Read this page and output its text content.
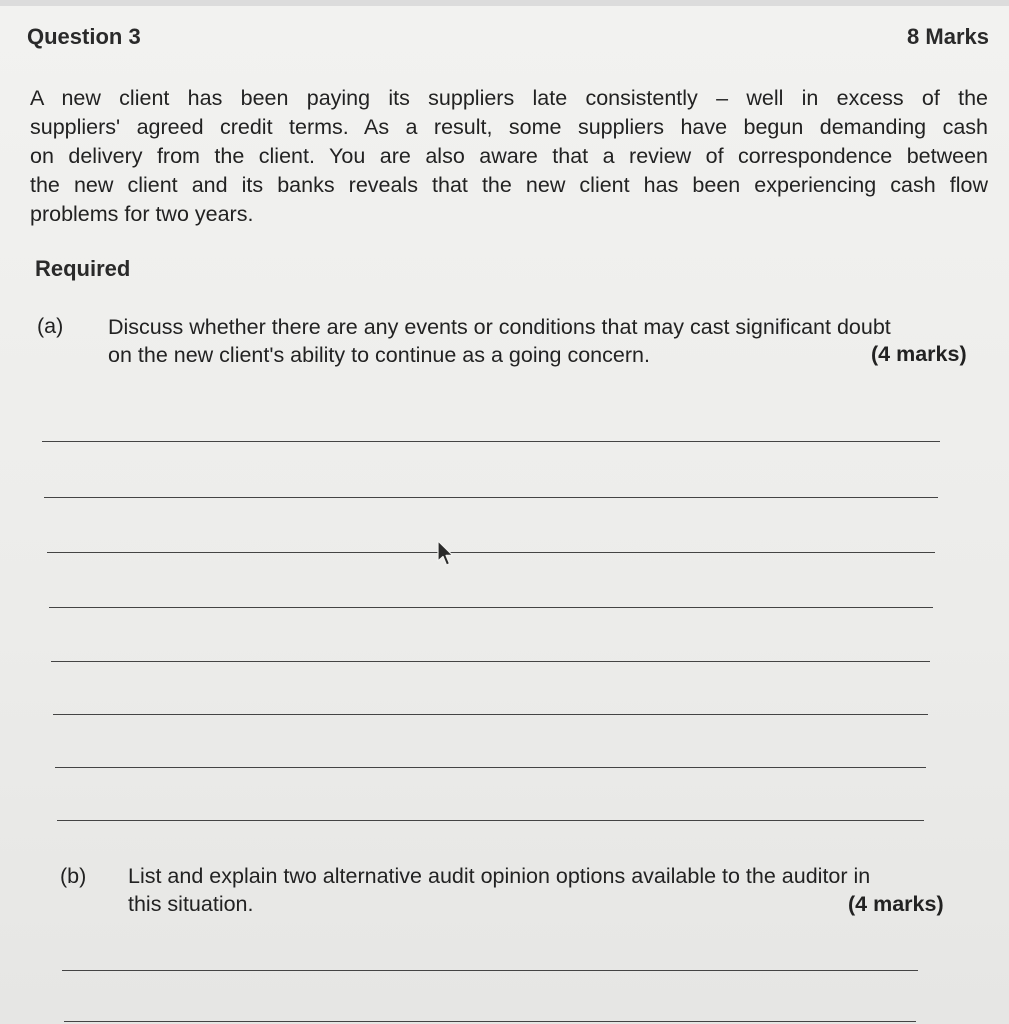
Question 3	8 Marks
A new client has been paying its suppliers late consistently – well in excess of the
suppliers' agreed credit terms. As a result, some suppliers have begun demanding cash
on delivery from the client. You are also aware that a review of correspondence between
the new client and its banks reveals that the new client has been experiencing cash flow
problems for two years.
Required
(a) Discuss whether there are any events or conditions that may cast significant doubt
on the new client's ability to continue as a going concern.	(4 marks)
(b) List and explain two alternative audit opinion options available to the auditor in
this situation.	(4 marks)
